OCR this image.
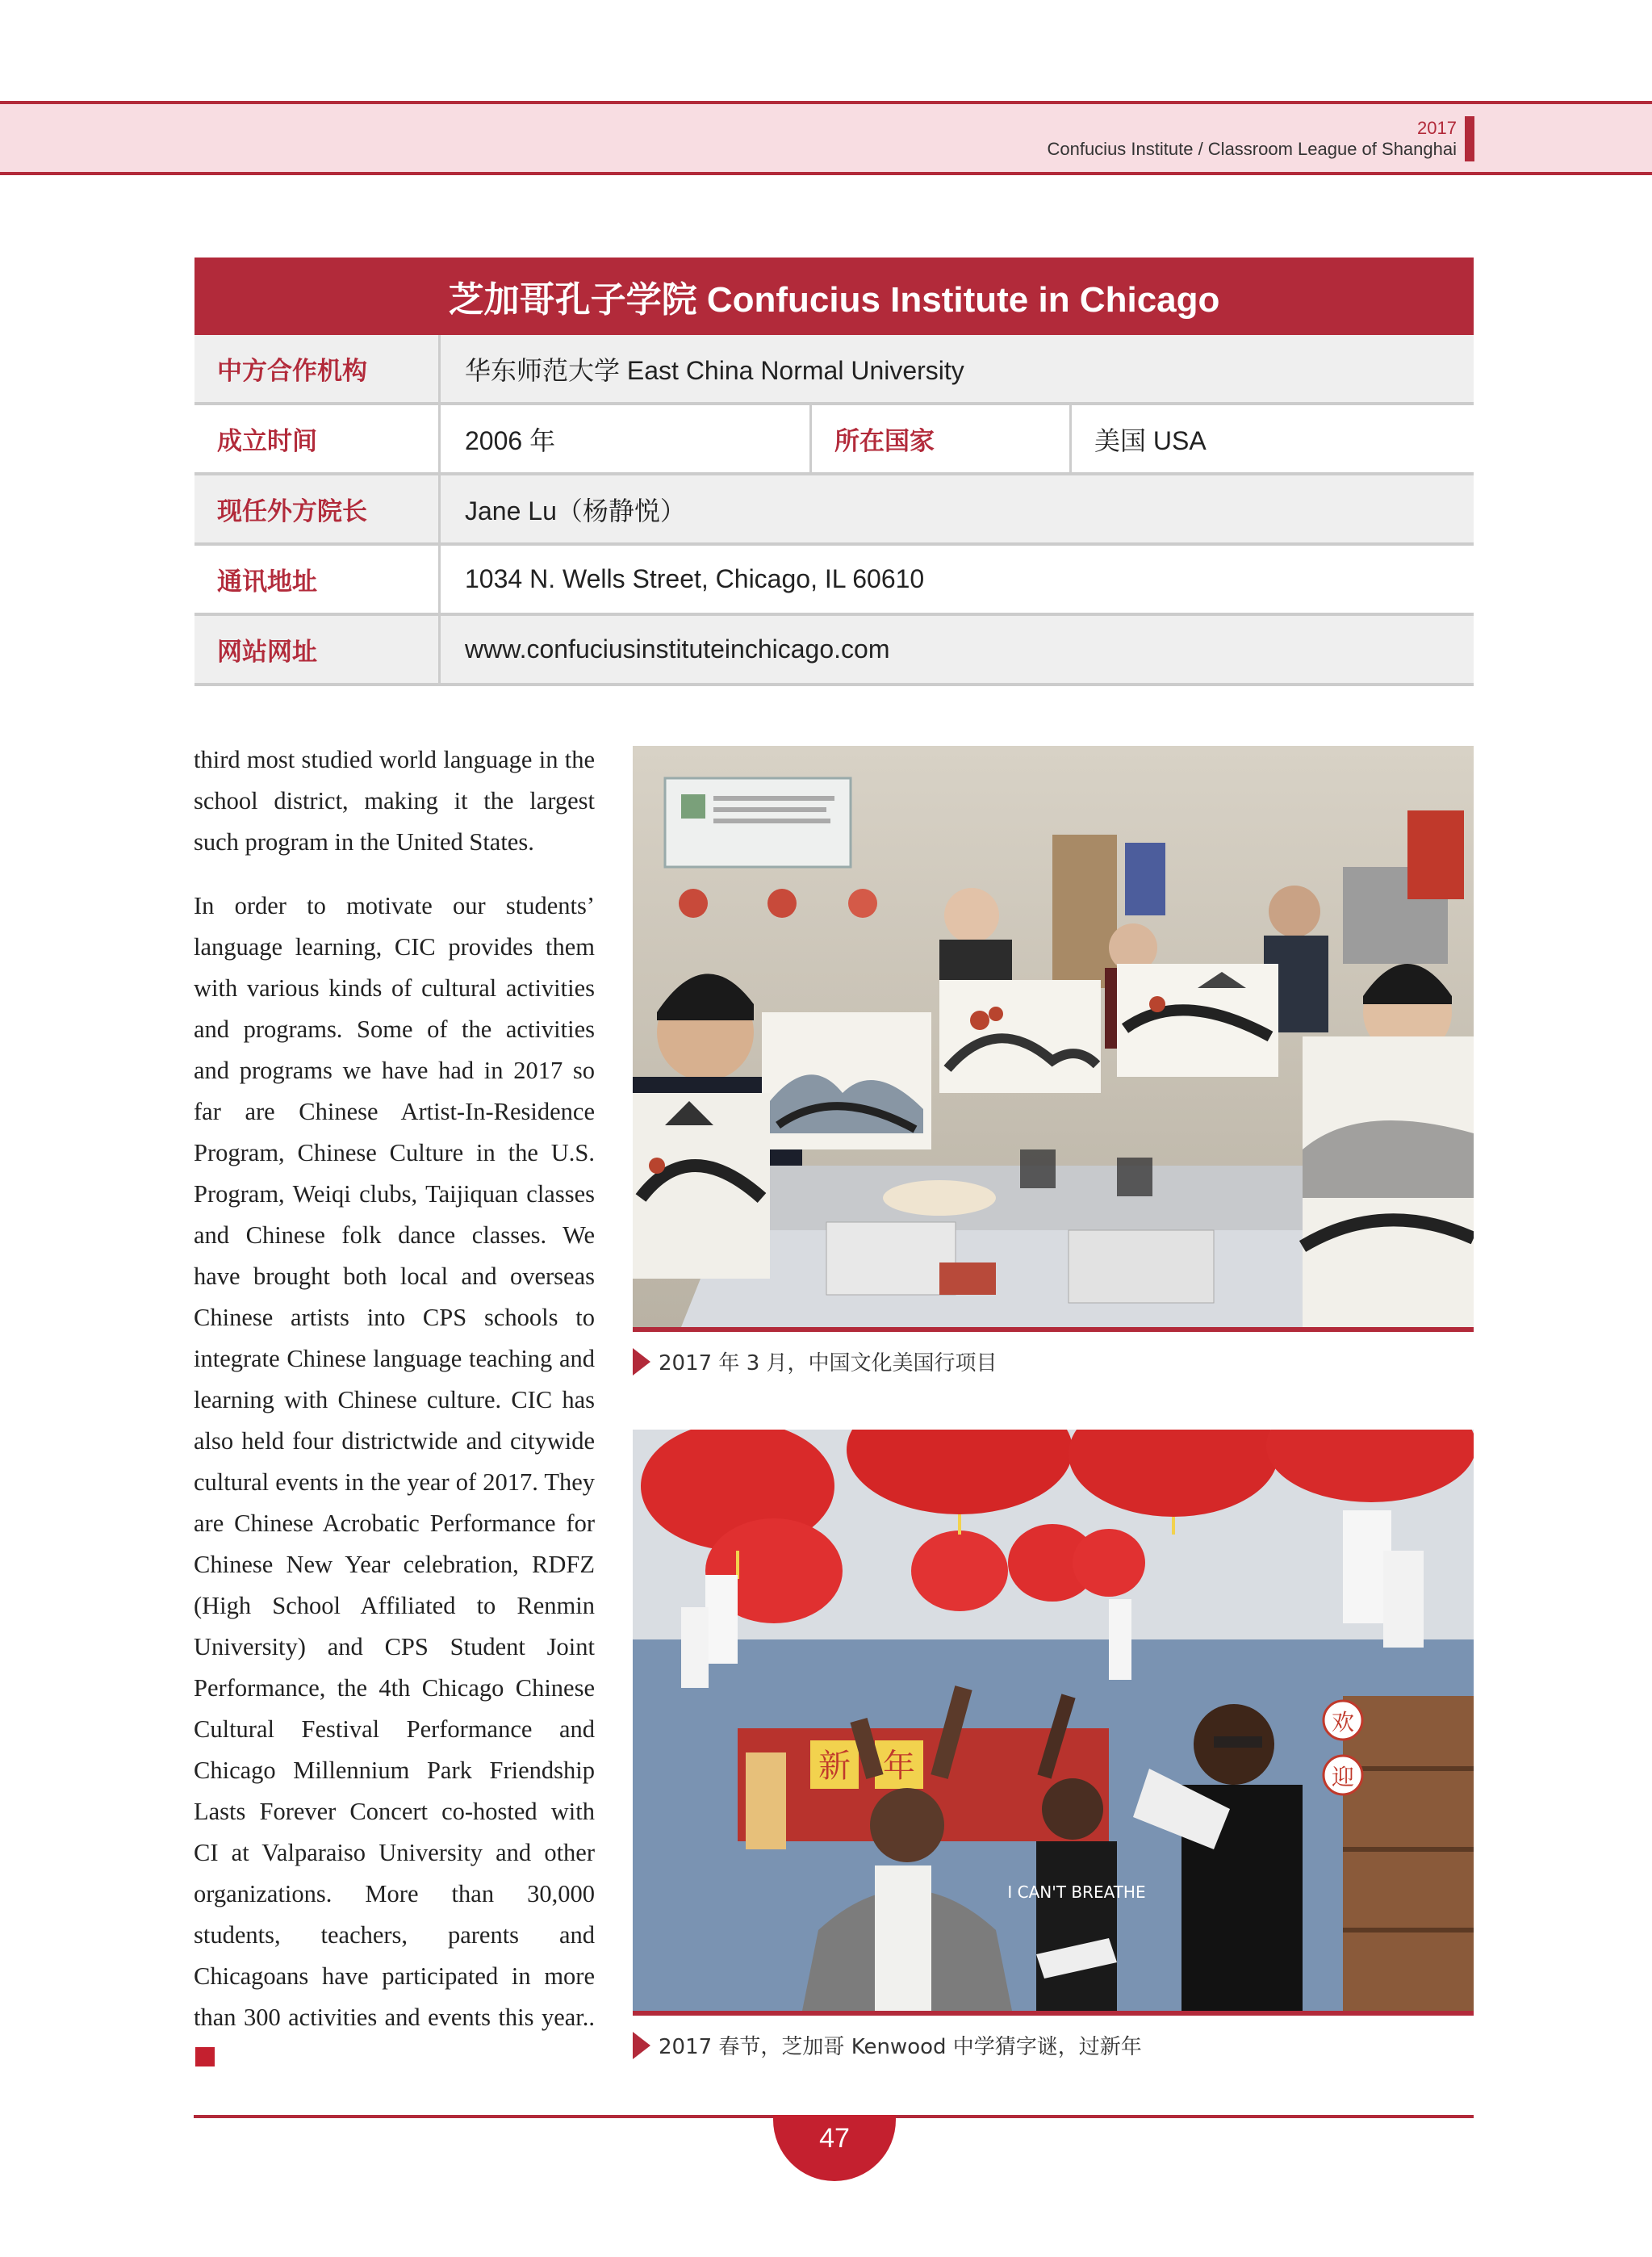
2017
Confucius Institute / Classroom League of Shanghai
芝加哥孔子学院 Confucius Institute in Chicago
中方合作机构	华东师范大学 East China Normal University
成立时间	2006 年	所在国家	美国 USA
现任外方院长	Jane Lu（杨静悦）
通讯地址	1034 N. Wells Street, Chicago, IL 60610
网站网址	www.confuciusinstituteinchicago.com

third most studied world language in the school district, making it the largest such program in the United States.

In order to motivate our students’ language learning, CIC provides them with various kinds of cultural activities and programs. Some of the activities and programs we have had in 2017 so far are Chinese Artist-In-Residence Program, Chinese Culture in the U.S. Program, Weiqi clubs, Taijiquan classes and Chinese folk dance classes. We have brought both local and overseas Chinese artists into CPS schools to integrate Chinese language teaching and learning with Chinese culture. CIC has also held four districtwide and citywide cultural events in the year of 2017. They are Chinese Acrobatic Performance for Chinese New Year celebration, RDFZ (High School Affiliated to Renmin University) and CPS Student Joint Performance, the 4th Chicago Chinese Cultural Festival Performance and Chicago Millennium Park Friendship Lasts Forever Concert co-hosted with CI at Valparaiso University and other organizations. More than 30,000 students, teachers, parents and Chicagoans have participated in more than 300 activities and events this year..

2017 年 3 月，中国文化美国行项目
新 年
欢
迎
I CAN'T BREATHE
2017 春节，芝加哥 Kenwood 中学猜字谜，过新年
47
